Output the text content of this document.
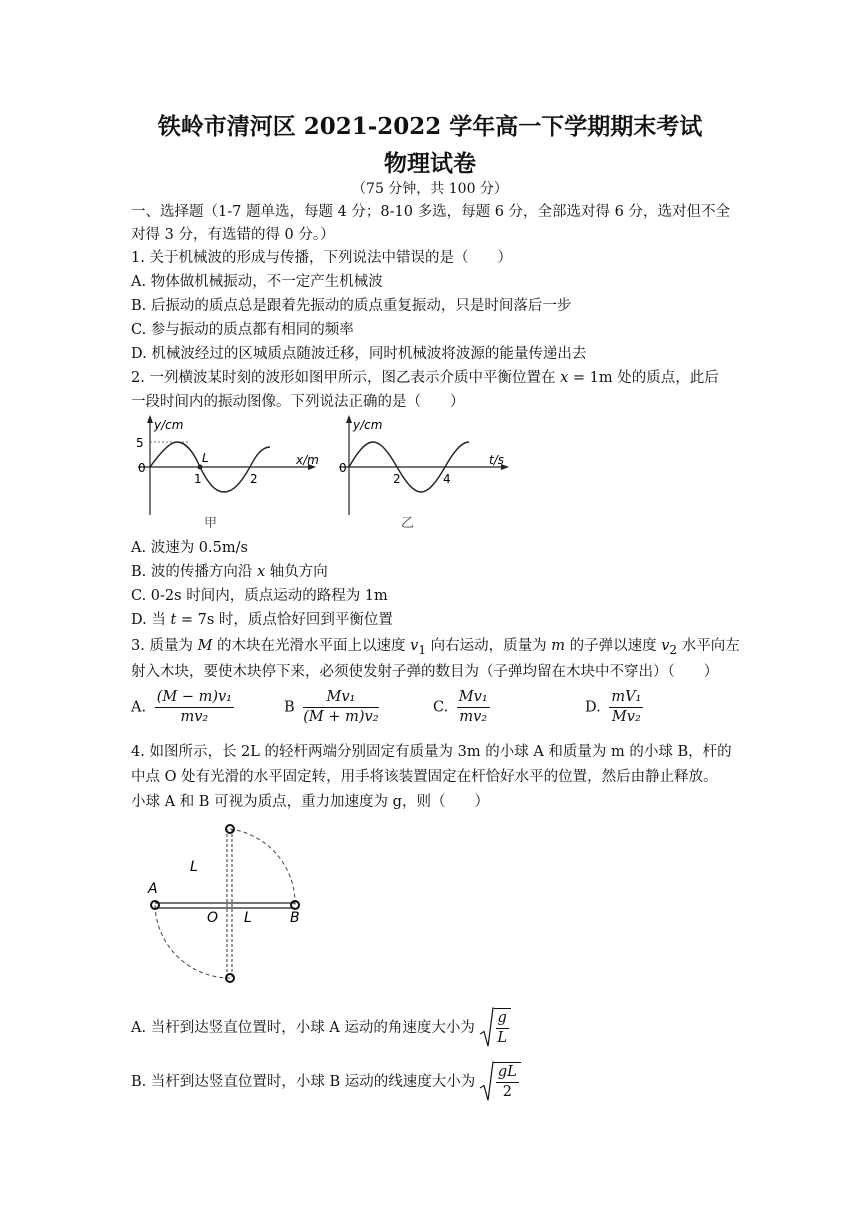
铁岭市清河区 2021-2022 学年高一下学期期末考试
物理试卷
（75 分钟，共 100 分）
一、选择题（1-7 题单选，每题 4 分；8-10 多选，每题 6 分，全部选对得 6 分，选对但不全
对得 3 分，有选错的得 0 分。）
1. 关于机械波的形成与传播，下列说法中错误的是（　　）
A. 物体做机械振动，不一定产生机械波
B. 后振动的质点总是跟着先振动的质点重复振动，只是时间落后一步
C. 参与振动的质点都有相同的频率
D. 机械波经过的区城质点随波迁移，同时机械波将波源的能量传递出去
2. 一列横波某时刻的波形如图甲所示，图乙表示介质中平衡位置在 x = 1m 处的质点，此后
一段时间内的振动图像。下列说法正确的是（　　）
y/cm
5
0
L
1	2
x/m
甲
y/cm
0
2	4
t/s
乙
A. 波速为 0.5m/s
B. 波的传播方向沿 x 轴负方向
C. 0-2s 时间内，质点运动的路程为 1m
D. 当 t = 7s 时，质点恰好回到平衡位置
3. 质量为 M 的木块在光滑水平面上以速度 $v_1$ 向右运动，质量为 m 的子弹以速度 $v_2$ 水平向左
射入木块，要使木块停下来，必须使发射子弹的数目为（子弹均留在木块中不穿出）（　　）
A. $\frac{\text{(M − m)v₁}}{\text{mv₂}}$	B $\frac{\text{Mv₁}}{\text{(M + m)v₂}}$	C. $\frac{\text{Mv₁}}{\text{mv₂}}$	D. $\frac{\text{mV₁}}{\text{Mv₂}}$
4. 如图所示，长 2L 的轻杆两端分别固定有质量为 3m 的小球 A 和质量为 m 的小球 B，杆的
中点 O 处有光滑的水平固定转，用手将该装置固定在杆恰好水平的位置，然后由静止释放。
小球 A 和 B 可视为质点，重力加速度为 g，则（　　）
A
B
O
L
L
A. 当杆到达竖直位置时，小球 A 运动的角速度大小为 $\frac{g}{L}$
B. 当杆到达竖直位置时，小球 B 运动的线速度大小为 $\frac{gL}{2}$
